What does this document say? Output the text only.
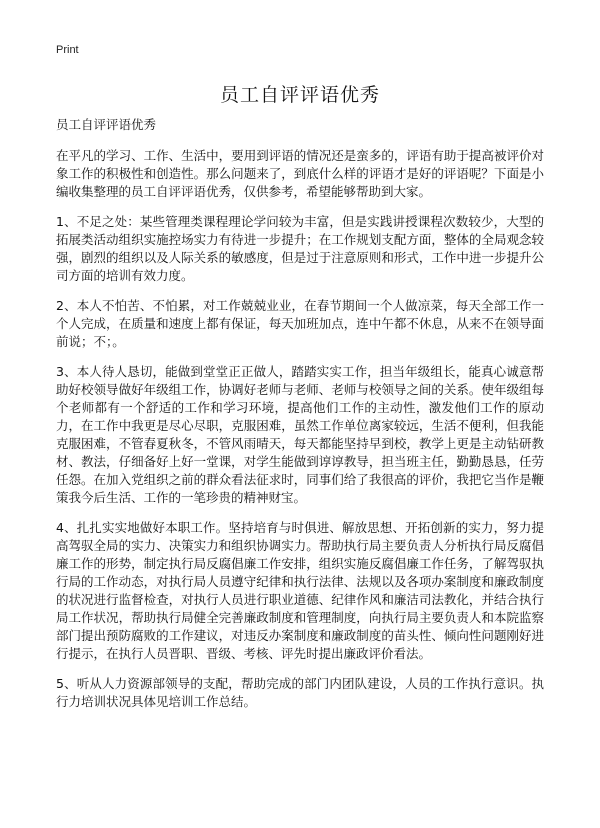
Print
员工自评评语优秀

员工自评评语优秀

在平凡的学习、工作、生活中，要用到评语的情况还是蛮多的，评语有助于提高被评价对象工作的积极性和创造性。那么问题来了，到底什么样的评语才是好的评语呢？下面是小编收集整理的员工自评评语优秀，仅供参考，希望能够帮助到大家。

1、不足之处：某些管理类课程理论学问较为丰富，但是实践讲授课程次数较少，大型的拓展类活动组织实施控场实力有待进一步提升；在工作规划支配方面，整体的全局观念较强，剧烈的组织以及人际关系的敏感度，但是过于注意原则和形式，工作中进一步提升公司方面的培训有效力度。

2、本人不怕苦、不怕累，对工作兢兢业业，在春节期间一个人做凉菜，每天全部工作一个人完成，在质量和速度上都有保证，每天加班加点，连中午都不休息，从来不在领导面前说；不；。

3、本人待人恳切，能做到堂堂正正做人，踏踏实实工作，担当年级组长，能真心诚意帮助好校领导做好年级组工作，协调好老师与老师、老师与校领导之间的关系。使年级组每个老师都有一个舒适的工作和学习环境，提高他们工作的主动性，激发他们工作的原动力，在工作中我更是尽心尽职，克服困难，虽然工作单位离家较远，生活不便利，但我能克服困难，不管春夏秋冬，不管风雨晴天，每天都能坚持早到校，教学上更是主动钻研教材、教法，仔细备好上好一堂课，对学生能做到谆谆教导，担当班主任，勤勤恳恳，任劳任怨。在加入党组织之前的群众看法征求时，同事们给了我很高的评价，我把它当作是鞭策我今后生活、工作的一笔珍贵的精神财宝。

4、扎扎实实地做好本职工作。坚持培育与时俱进、解放思想、开拓创新的实力，努力提高驾驭全局的实力、决策实力和组织协调实力。帮助执行局主要负责人分析执行局反腐倡廉工作的形势，制定执行局反腐倡廉工作安排，组织实施反腐倡廉工作任务，了解驾驭执行局的工作动态，对执行局人员遵守纪律和执行法律、法规以及各项办案制度和廉政制度的状况进行监督检查，对执行人员进行职业道德、纪律作风和廉洁司法教化，并结合执行局工作状况，帮助执行局健全完善廉政制度和管理制度，向执行局主要负责人和本院监察部门提出预防腐败的工作建议，对违反办案制度和廉政制度的苗头性、倾向性问题刚好进行提示，在执行人员晋职、晋级、考核、评先时提出廉政评价看法。

5、听从人力资源部领导的支配，帮助完成的部门内团队建设，人员的工作执行意识。执行力培训状况具体见培训工作总结。
